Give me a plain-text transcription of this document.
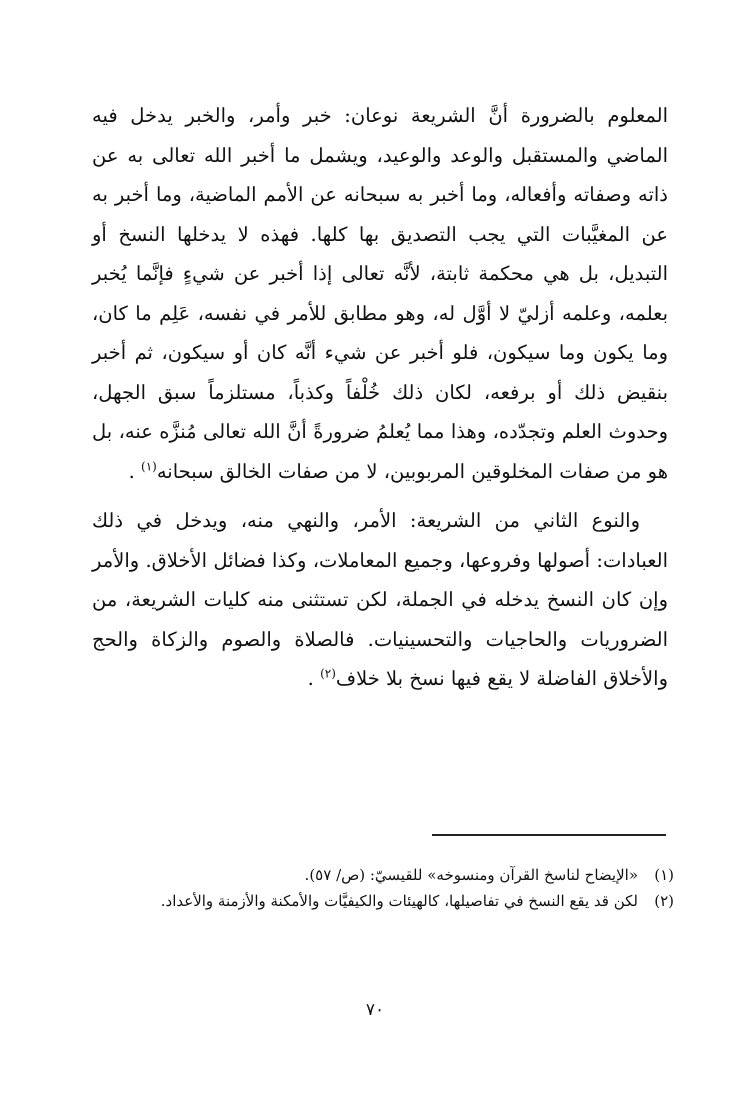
المعلوم بالضرورة أنَّ الشريعة نوعان: خبر وأمر، والخبر يدخل فيه الماضي والمستقبل والوعد والوعيد، ويشمل ما أخبر الله تعالى به عن ذاته وصفاته وأفعاله، وما أخبر به سبحانه عن الأمم الماضية، وما أخبر به عن المغيَّبات التي يجب التصديق بها كلها. فهذه لا يدخلها النسخ أو التبديل، بل هي محكمة ثابتة، لأنَّه تعالى إذا أخبر عن شيءٍ فإنَّما يُخبر بعلمه، وعلمه أزليّ لا أوَّل له، وهو مطابق للأمر في نفسه، عَلِم ما كان، وما يكون وما سيكون، فلو أخبر عن شيء أنَّه كان أو سيكون، ثم أخبر بنقيض ذلك أو برفعه، لكان ذلك خُلْفاً وكذباً، مستلزماً سبق الجهل، وحدوث العلم وتجدّده، وهذا مما يُعلمُ ضرورةً أنَّ الله تعالى مُنزَّه عنه، بل هو من صفات المخلوقين المربوبين، لا من صفات الخالق سبحانه$^{(١)}$ .

والنوع الثاني من الشريعة: الأمر، والنهي منه، ويدخل في ذلك العبادات: أصولها وفروعها، وجميع المعاملات، وكذا فضائل الأخلاق. والأمر وإن كان النسخ يدخله في الجملة، لكن تستثنى منه كليات الشريعة، من الضروريات والحاجيات والتحسينيات. فالصلاة والصوم والزكاة والحج والأخلاق الفاضلة لا يقع فيها نسخ بلا خلاف$^{(٢)}$ .

(١)
«الإيضاح لناسخ القرآن ومنسوخه» للقيسيّ: (ص/ ٥٧).
(٢)
لكن قد يقع النسخ في تفاصيلها، كالهيئات والكيفيَّات والأمكنة والأزمنة والأعداد.
٧٠
